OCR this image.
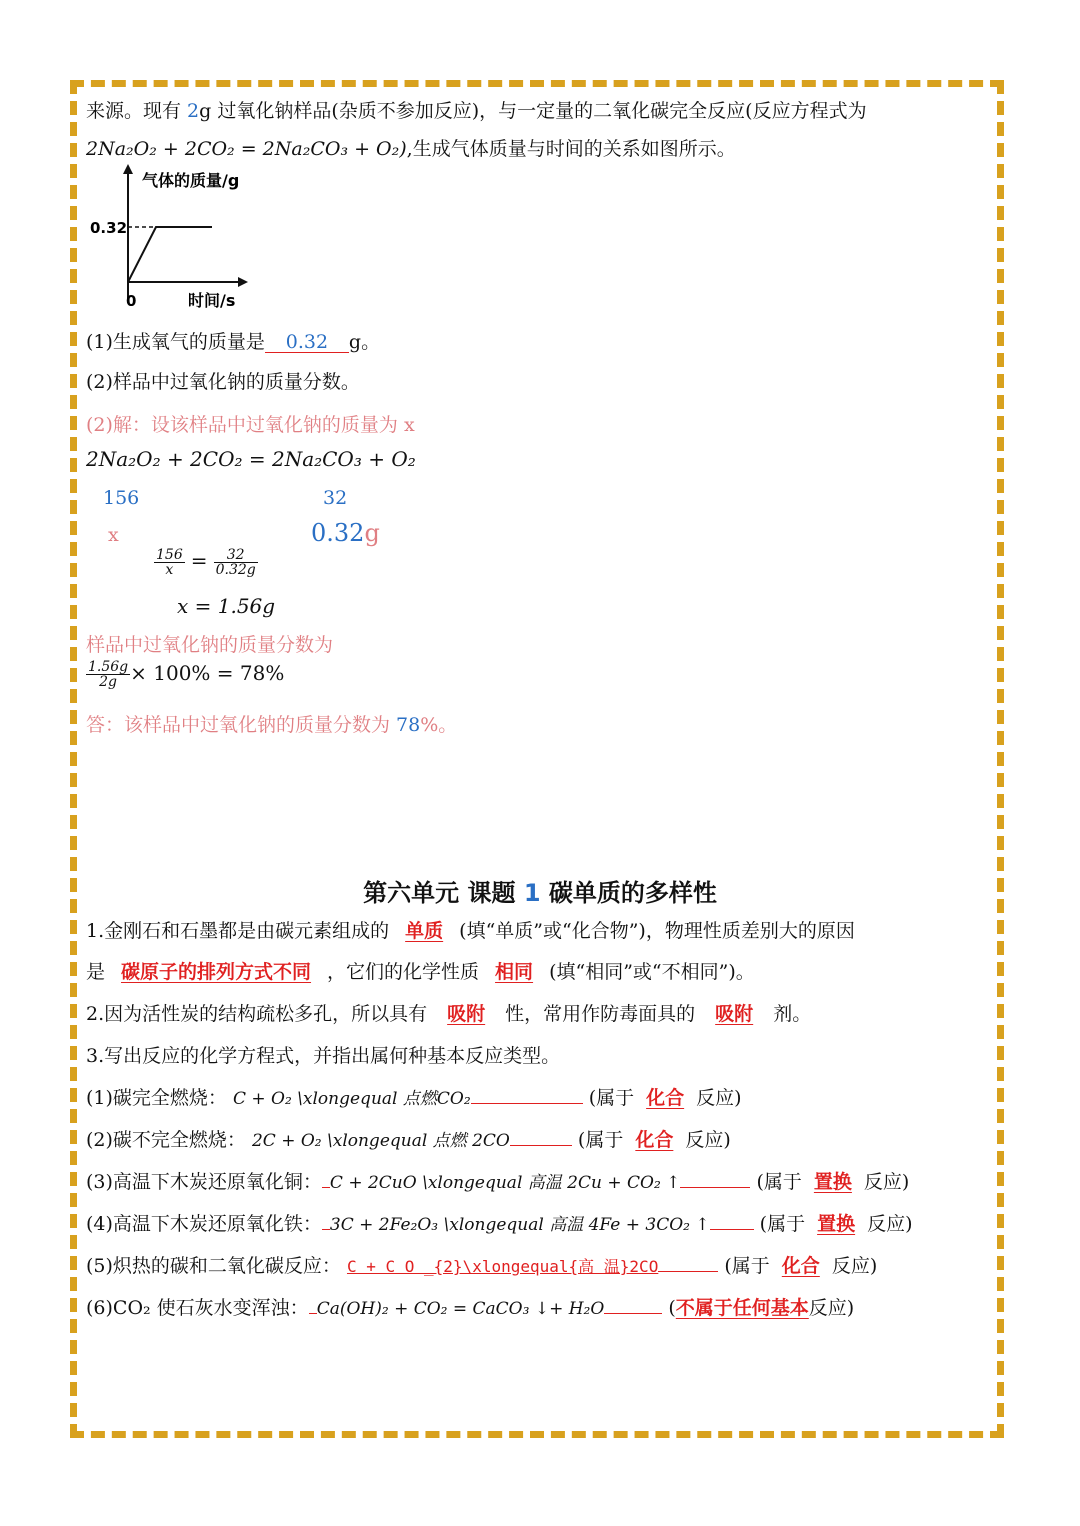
来源。现有 2g 过氧化钠样品(杂质不参加反应)，与一定量的二氧化碳完全反应(反应方程式为
2Na₂O₂ + 2CO₂ = 2Na₂CO₃ + O₂),生成气体质量与时间的关系如图所示。
气体的质量/g
0.32
0	时间/s
(1)生成氧气的质量是 0.32 g。
(2)样品中过氧化钠的质量分数。
(2)解：设该样品中过氧化钠的质量为 x
2Na₂O₂ + 2CO₂ = 2Na₂CO₃ + O₂
156	32
x	0.32g
$\frac{156}{x} = \frac{32}{0.32g}$
x = 1.56g
样品中过氧化钠的质量分数为
$\frac{1.56g}{2g} \times 100\% = 78\%$
答：该样品中过氧化钠的质量分数为 78%。
第六单元 课题 1 碳单质的多样性
1.金刚石和石墨都是由碳元素组成的 单质 (填“单质”或“化合物”)，物理性质差别大的原因
是 碳原子的排列方式不同 ，它们的化学性质 相同 (填“相同”或“不相同”)。
2.因为活性炭的结构疏松多孔，所以具有 吸附 性，常用作防毒面具的 吸附 剂。
3.写出反应的化学方程式，并指出属何种基本反应类型。
(1)碳完全燃烧： C + O₂ \xlongequal 点燃CO₂	(属于 化合 反应)
(2)碳不完全燃烧： 2C + O₂ \xlongequal 点燃 2CO	(属于 化合 反应)
(3)高温下木炭还原氧化铜： C + 2CuO \xlongequal 高温 2Cu + CO₂ ↑	(属于 置换 反应)
(4)高温下木炭还原氧化铁： 3C + 2Fe₂O₃ \xlongequal 高温 4Fe + 3CO₂ ↑	(属于 置换 反应)
(5)炽热的碳和二氧化碳反应： C + C O _{2}\xlongequal{高 温}2CO	(属于 化合 反应)
(6)CO₂ 使石灰水变浑浊： Ca(OH)₂ + CO₂ = CaCO₃ ↓+ H₂O	(不属于任何基本反应)
